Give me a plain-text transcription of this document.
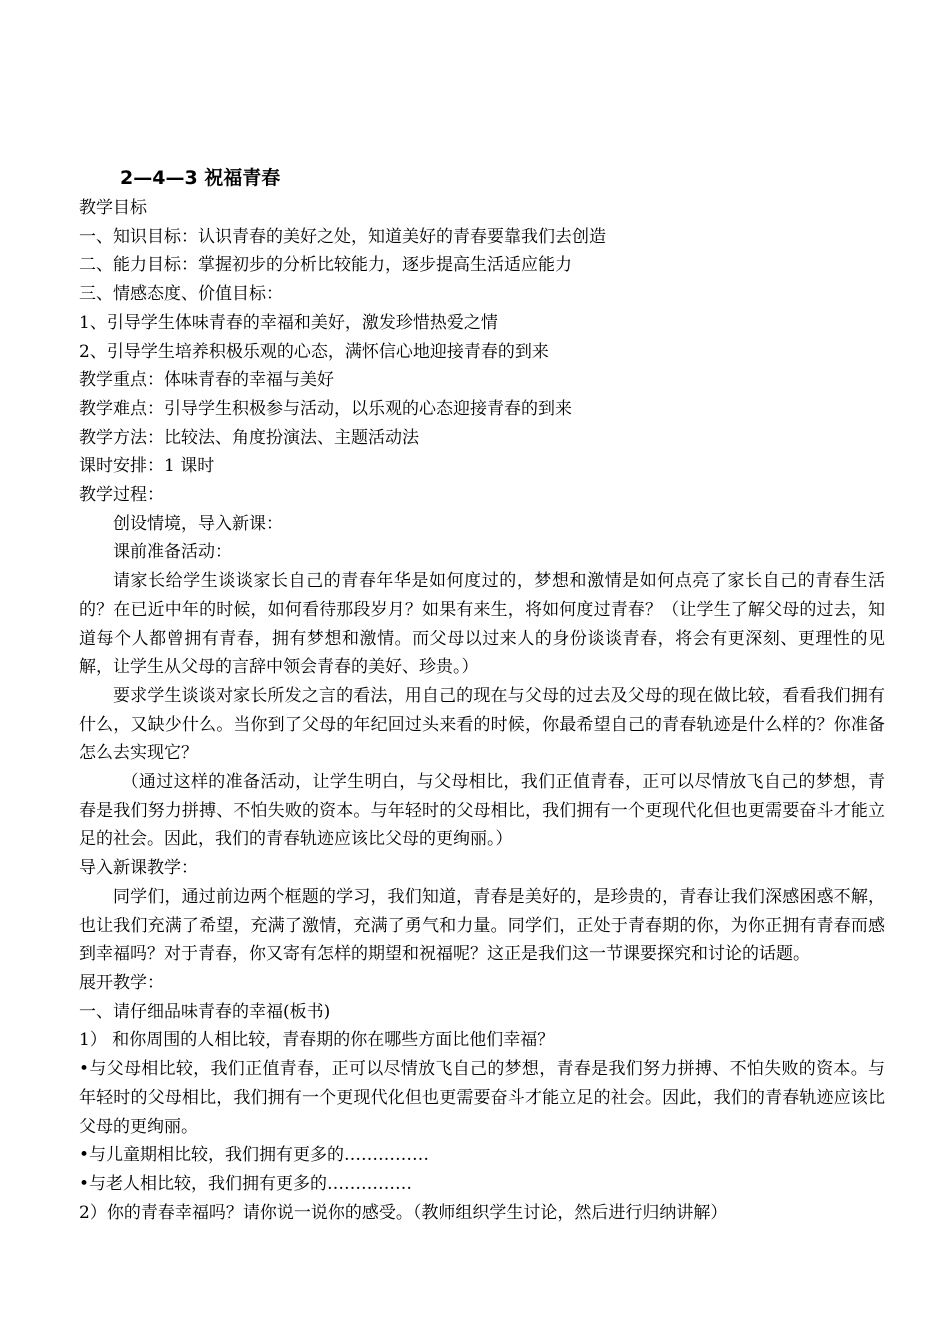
2—4—3 祝福青春
教学目标
一、知识目标：认识青春的美好之处，知道美好的青春要靠我们去创造
二、能力目标：掌握初步的分析比较能力，逐步提高生活适应能力
三、情感态度、价值目标：
1、引导学生体味青春的幸福和美好，激发珍惜热爱之情
2、引导学生培养积极乐观的心态，满怀信心地迎接青春的到来
教学重点：体味青春的幸福与美好
教学难点：引导学生积极参与活动，以乐观的心态迎接青春的到来
教学方法：比较法、角度扮演法、主题活动法
课时安排：1 课时
教学过程：
创设情境，导入新课：
课前准备活动：

请家长给学生谈谈家长自己的青春年华是如何度过的，梦想和激情是如何点亮了家长自己的青春生活的？在已近中年的时候，如何看待那段岁月？如果有来生，将如何度过青春？（让学生了解父母的过去，知道每个人都曾拥有青春，拥有梦想和激情。而父母以过来人的身份谈谈青春，将会有更深刻、更理性的见解，让学生从父母的言辞中领会青春的美好、珍贵。）

要求学生谈谈对家长所发之言的看法，用自己的现在与父母的过去及父母的现在做比较，看看我们拥有什么，又缺少什么。当你到了父母的年纪回过头来看的时候，你最希望自己的青春轨迹是什么样的？你准备怎么去实现它？

（通过这样的准备活动，让学生明白，与父母相比，我们正值青春，正可以尽情放飞自己的梦想，青春是我们努力拼搏、不怕失败的资本。与年轻时的父母相比，我们拥有一个更现代化但也更需要奋斗才能立足的社会。因此，我们的青春轨迹应该比父母的更绚丽。）

导入新课教学：

同学们，通过前边两个框题的学习，我们知道，青春是美好的，是珍贵的，青春让我们深感困惑不解，也让我们充满了希望，充满了激情，充满了勇气和力量。同学们，正处于青春期的你，为你正拥有青春而感到幸福吗？对于青春，你又寄有怎样的期望和祝福呢？这正是我们这一节课要探究和讨论的话题。

展开教学：
一、请仔细品味青春的幸福(板书)
1） 和你周围的人相比较，青春期的你在哪些方面比他们幸福？

•与父母相比较，我们正值青春，正可以尽情放飞自己的梦想，青春是我们努力拼搏、不怕失败的资本。与年轻时的父母相比，我们拥有一个更现代化但也更需要奋斗才能立足的社会。因此，我们的青春轨迹应该比父母的更绚丽。

•与儿童期相比较，我们拥有更多的……………
•与老人相比较，我们拥有更多的……………
2）你的青春幸福吗？请你说一说你的感受。（教师组织学生讨论，然后进行归纳讲解）
